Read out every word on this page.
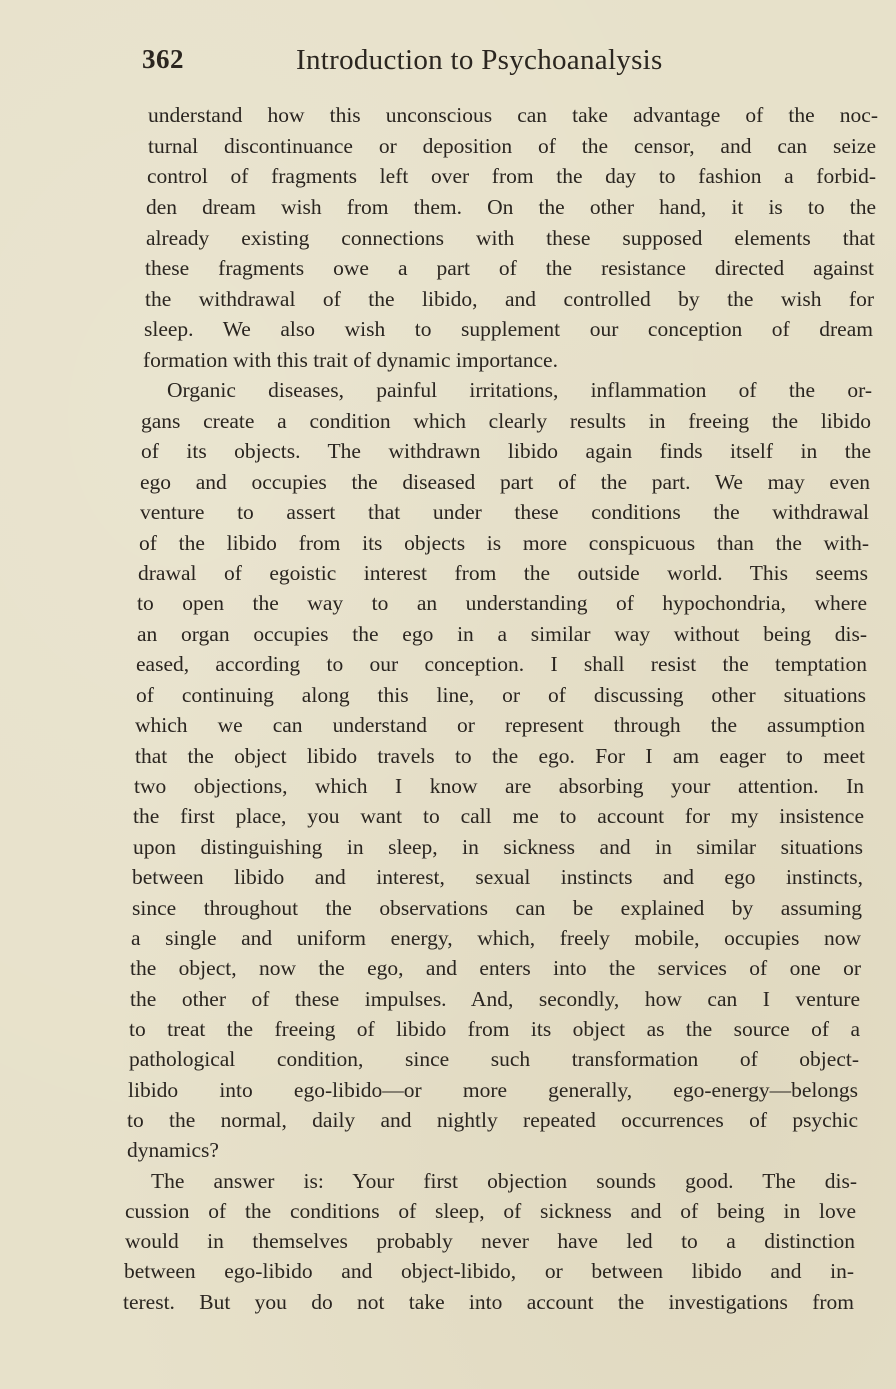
362	Introduction to Psychoanalysis
understand how this unconscious can take advantage of the noc-
turnal discontinuance or deposition of the censor, and can seize
control of fragments left over from the day to fashion a forbid-
den dream wish from them. On the other hand, it is to the
already existing connections with these supposed elements that
these fragments owe a part of the resistance directed against
the withdrawal of the libido, and controlled by the wish for
sleep. We also wish to supplement our conception of dream
formation with this trait of dynamic importance.
Organic diseases, painful irritations, inflammation of the or-
gans create a condition which clearly results in freeing the libido
of its objects. The withdrawn libido again finds itself in the
ego and occupies the diseased part of the part. We may even
venture to assert that under these conditions the withdrawal
of the libido from its objects is more conspicuous than the with-
drawal of egoistic interest from the outside world. This seems
to open the way to an understanding of hypochondria, where
an organ occupies the ego in a similar way without being dis-
eased, according to our conception. I shall resist the temptation
of continuing along this line, or of discussing other situations
which we can understand or represent through the assumption
that the object libido travels to the ego. For I am eager to meet
two objections, which I know are absorbing your attention. In
the first place, you want to call me to account for my insistence
upon distinguishing in sleep, in sickness and in similar situations
between libido and interest, sexual instincts and ego instincts,
since throughout the observations can be explained by assuming
a single and uniform energy, which, freely mobile, occupies now
the object, now the ego, and enters into the services of one or
the other of these impulses. And, secondly, how can I venture
to treat the freeing of libido from its object as the source of a
pathological condition, since such transformation of object-
libido into ego-libido—or more generally, ego-energy—belongs
to the normal, daily and nightly repeated occurrences of psychic
dynamics?
The answer is: Your first objection sounds good. The dis-
cussion of the conditions of sleep, of sickness and of being in love
would in themselves probably never have led to a distinction
between ego-libido and object-libido, or between libido and in-
terest. But you do not take into account the investigations from
